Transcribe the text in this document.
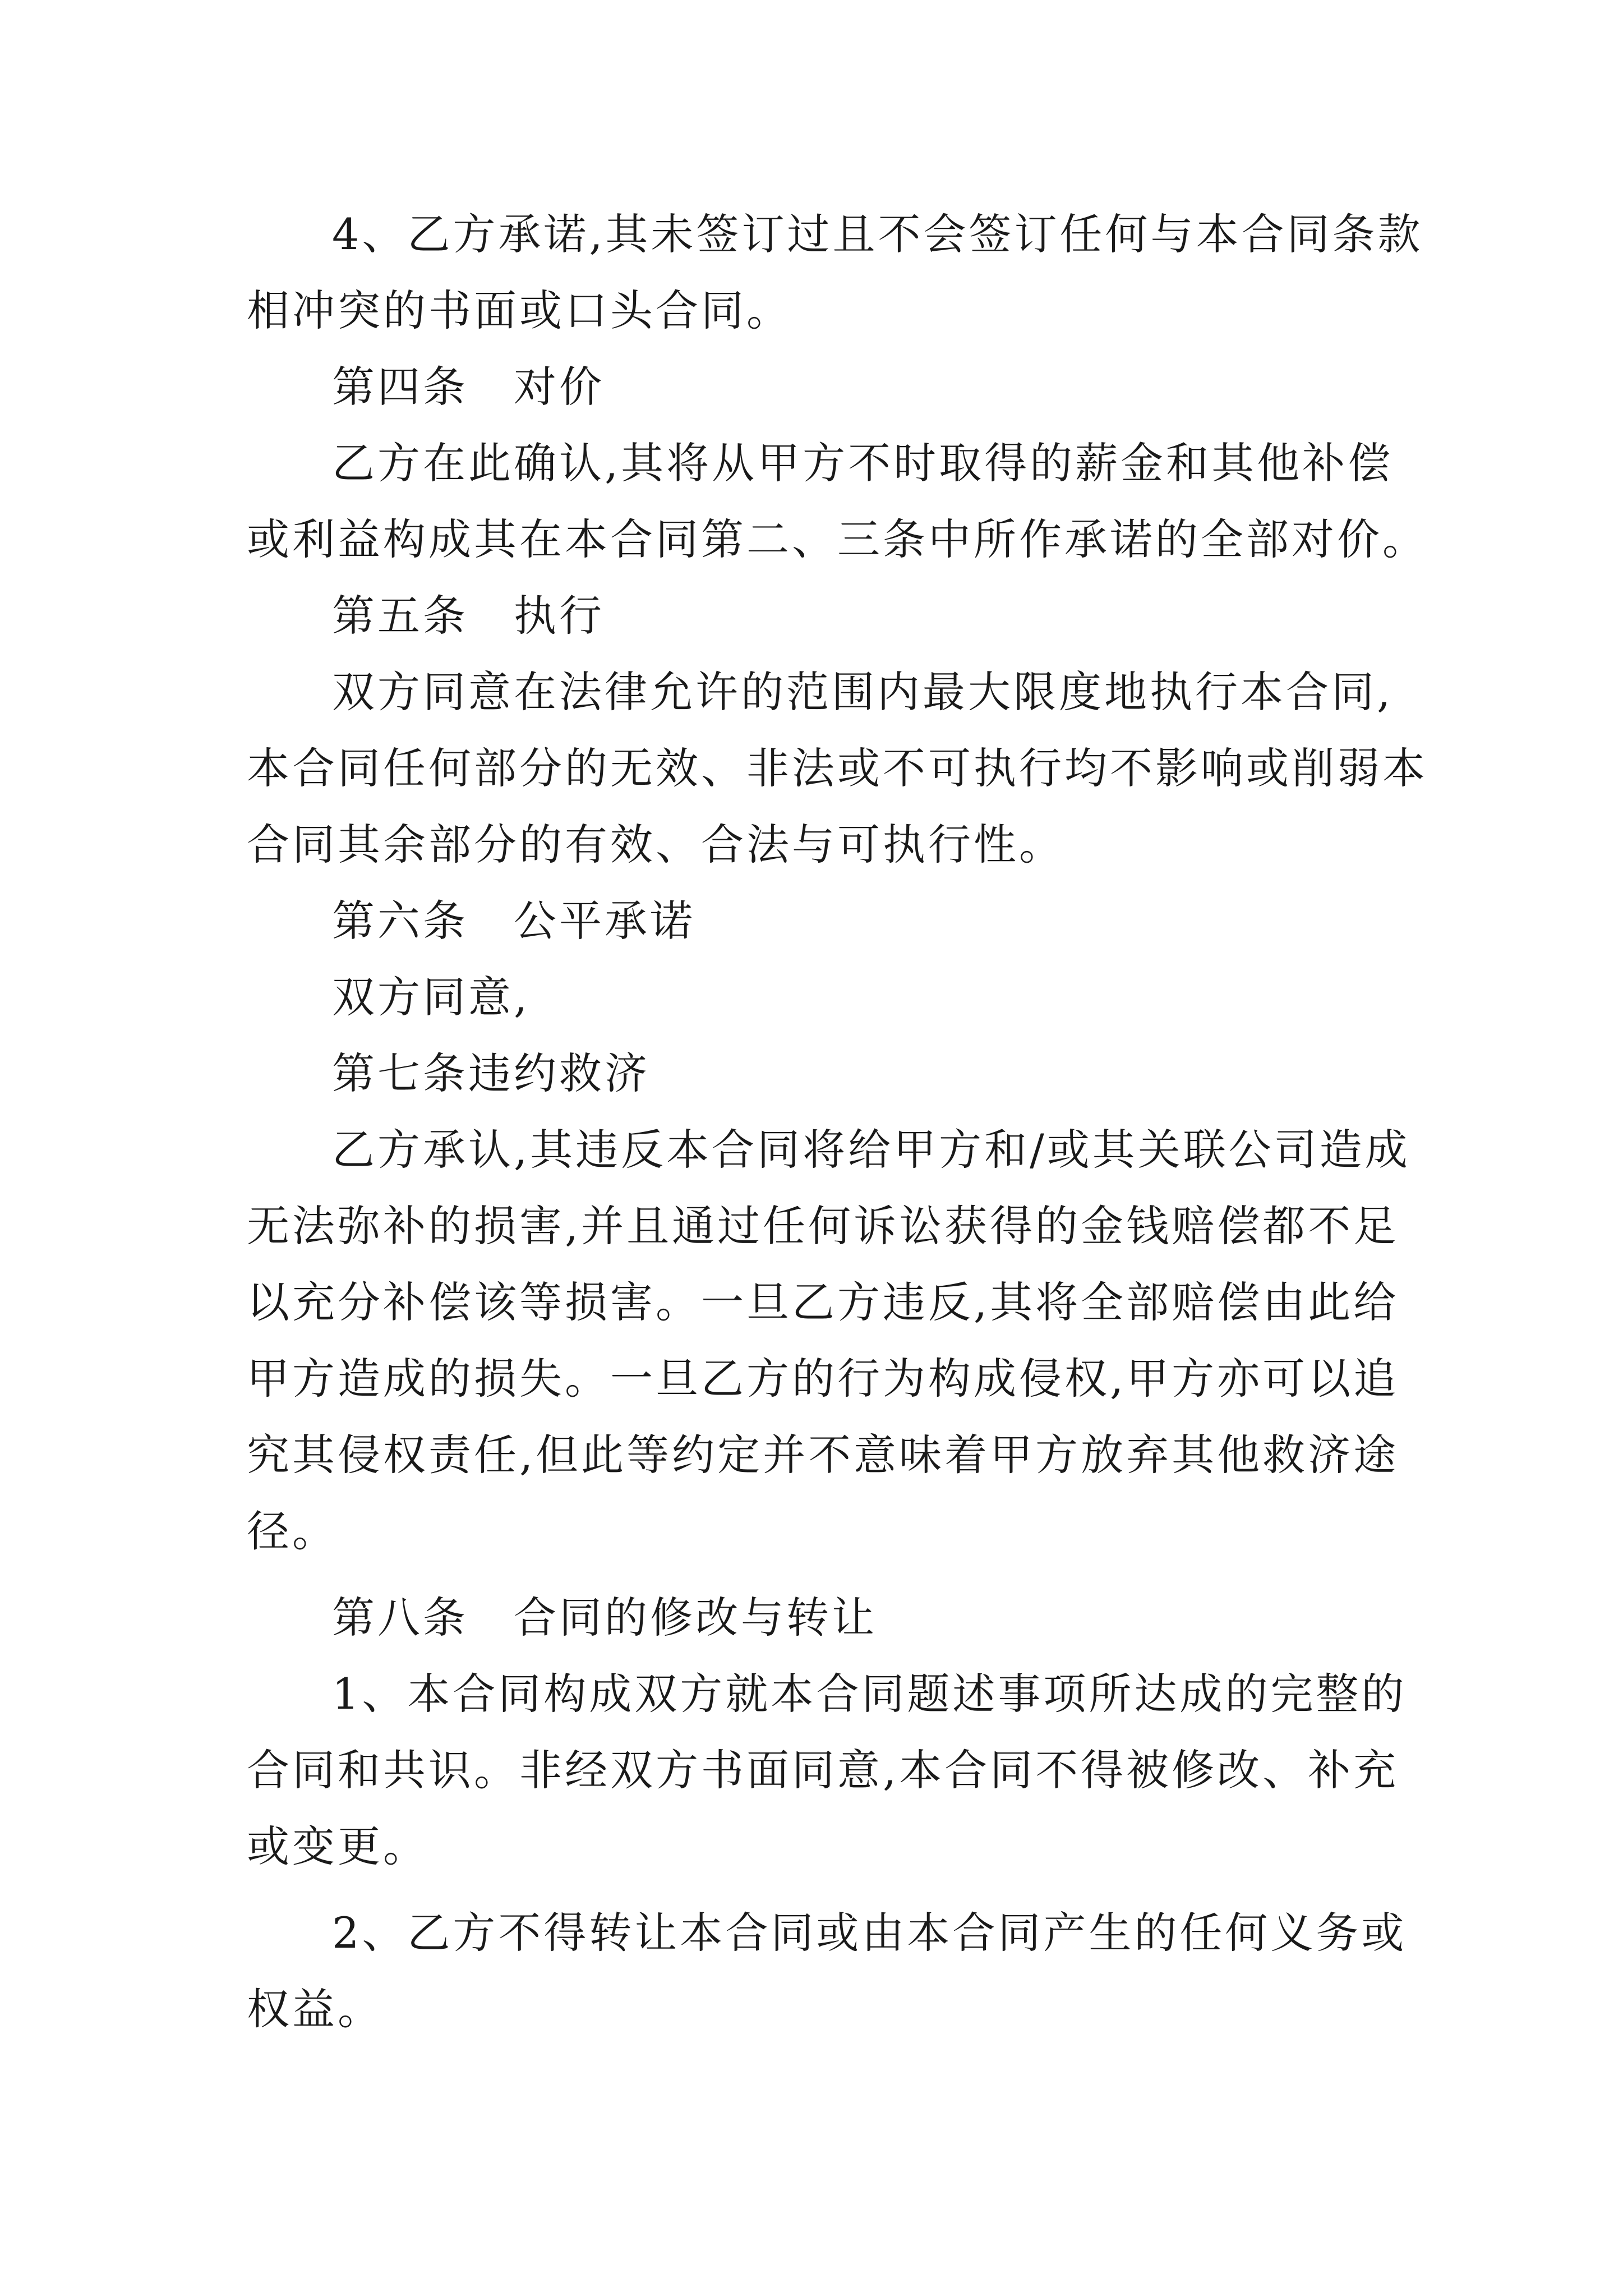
4、乙方承诺,其未签订过且不会签订任何与本合同条款
相冲突的书面或口头合同。
第四条　对价
乙方在此确认,其将从甲方不时取得的薪金和其他补偿
或利益构成其在本合同第二、三条中所作承诺的全部对价。
第五条　执行
双方同意在法律允许的范围内最大限度地执行本合同,
本合同任何部分的无效、非法或不可执行均不影响或削弱本
合同其余部分的有效、合法与可执行性。
第六条　公平承诺
双方同意,
第七条违约救济
乙方承认,其违反本合同将给甲方和/或其关联公司造成
无法弥补的损害,并且通过任何诉讼获得的金钱赔偿都不足
以充分补偿该等损害。一旦乙方违反,其将全部赔偿由此给
甲方造成的损失。一旦乙方的行为构成侵权,甲方亦可以追
究其侵权责任,但此等约定并不意味着甲方放弃其他救济途
径。
第八条　合同的修改与转让
1、本合同构成双方就本合同题述事项所达成的完整的
合同和共识。非经双方书面同意,本合同不得被修改、补充
或变更。
2、乙方不得转让本合同或由本合同产生的任何义务或
权益。
